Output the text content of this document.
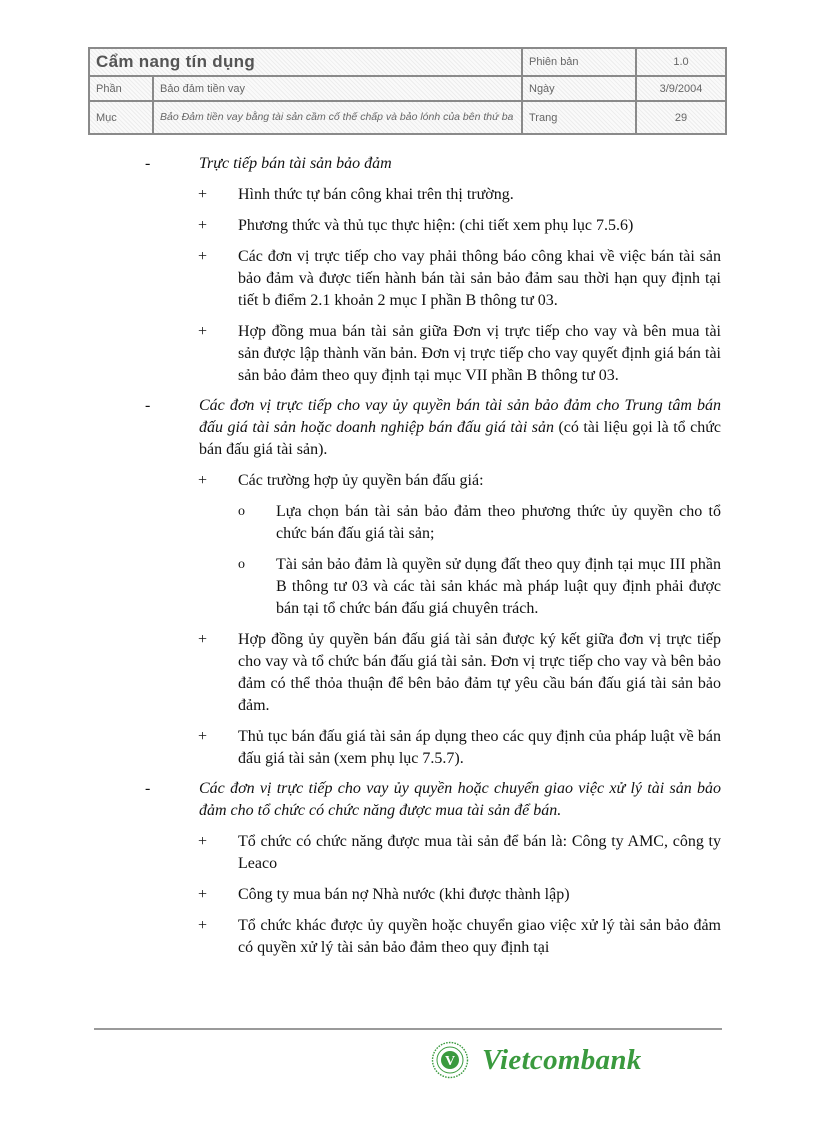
Cẩm nang tín dụng		Phiên bản	1.0
Phần	Bảo đảm tiền vay	Ngày	3/9/2004
Mục	Bảo Đảm tiền vay bằng tài sản cầm cố thế chấp và bảo lónh của bên thứ ba	Trang	29
-	Trực tiếp bán tài sản bảo đảm
+ Hình thức tự bán công khai trên thị trường.
+ Phương thức và thủ tục thực hiện: (chi tiết xem phụ lục 7.5.6)
+ Các đơn vị trực tiếp cho vay phải thông báo công khai về việc bán tài sản bảo đảm và được tiến hành bán tài sản bảo đảm sau thời hạn quy định tại tiết b điểm 2.1 khoản 2 mục I phần B thông tư 03.
+ Hợp đồng mua bán tài sản giữa Đơn vị trực tiếp cho vay và bên mua tài sản được lập thành văn bản. Đơn vị trực tiếp cho vay quyết định giá bán tài sản bảo đảm theo quy định tại mục VII phần B thông tư 03.
-	Các đơn vị trực tiếp cho vay ủy quyền bán tài sản bảo đảm cho Trung tâm bán đấu giá tài sản hoặc doanh nghiệp bán đấu giá tài sản (có tài liệu gọi là tổ chức bán đấu giá tài sản).
+ Các trường hợp ủy quyền bán đấu giá:
o Lựa chọn bán tài sản bảo đảm theo phương thức ủy quyền cho tổ chức bán đấu giá tài sản;
o Tài sản bảo đảm là quyền sử dụng đất theo quy định tại mục III phần B thông tư 03 và các tài sản khác mà pháp luật quy định phải được bán tại tổ chức bán đấu giá chuyên trách.
+ Hợp đồng ủy quyền bán đấu giá tài sản được ký kết giữa đơn vị trực tiếp cho vay và tổ chức bán đấu giá tài sản. Đơn vị trực tiếp cho vay và bên bảo đảm có thể thỏa thuận để bên bảo đảm tự yêu cầu bán đấu giá tài sản bảo đảm.
+ Thủ tục bán đấu giá tài sản áp dụng theo các quy định của pháp luật về bán đấu giá tài sản (xem phụ lục 7.5.7).
-	Các đơn vị trực tiếp cho vay ủy quyền hoặc chuyển giao việc xử lý tài sản bảo đảm cho tổ chức có chức năng được mua tài sản để bán.
+ Tổ chức có chức năng được mua tài sản để bán là: Công ty AMC, công ty Leaco
+ Công ty mua bán nợ Nhà nước (khi được thành lập)
+ Tổ chức khác được ủy quyền hoặc chuyển giao việc xử lý tài sản bảo đảm có quyền xử lý tài sản bảo đảm theo quy định tại
V Vietcombank
